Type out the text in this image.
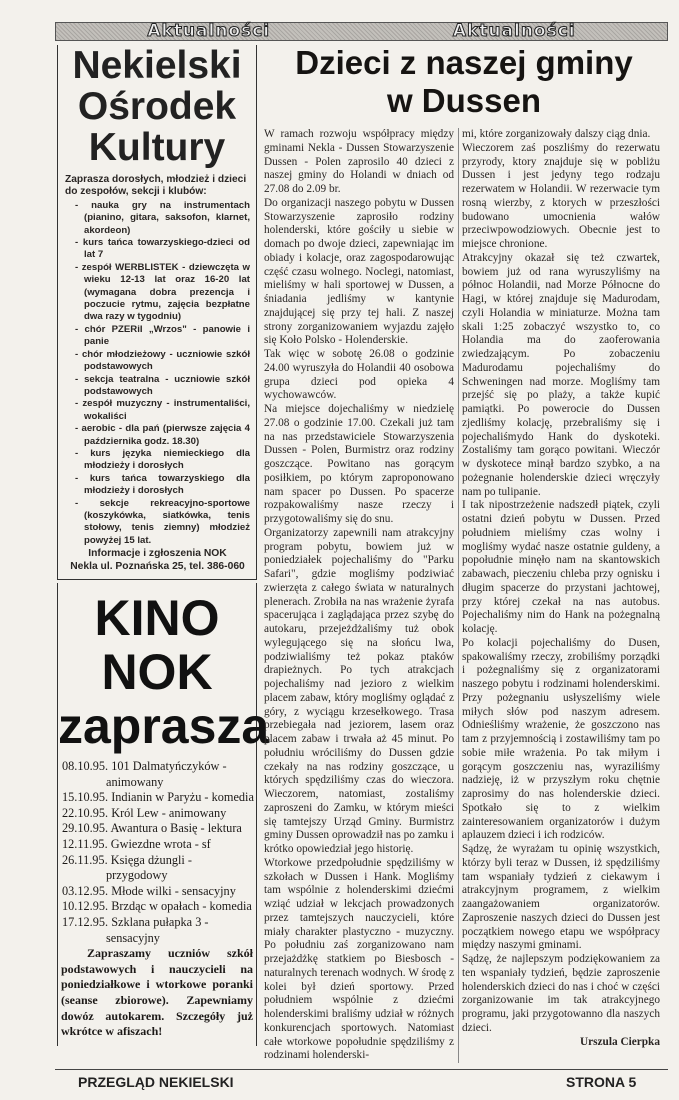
Aktualności	Aktualności
Nekielski
Ośrodek
Kultury
Zaprasza dorosłych, młodzież i dzieci do zespołów, sekcji i klubów:
- nauka gry na instrumentach (pianino, gitara, saksofon, klarnet, akordeon)
- kurs tańca towarzyskiego-dzieci od lat 7
- zespół WERBLISTEK - dziewczęta w wieku 12-13 lat oraz 16-20 lat (wymagana dobra prezencja i poczucie rytmu, zajęcia bezpłatne dwa razy w tygodniu)
- chór PZERiI „Wrzos" - panowie i panie
- chór młodzieżowy - uczniowie szkół podstawowych
- sekcja teatralna - uczniowie szkół podstawowych
- zespół muzyczny - instrumentaliści, wokaliści
- aerobic - dla pań (pierwsze zajęcia 4 października godz. 18.30)
- kurs języka niemieckiego dla młodzieży i dorosłych
- kurs tańca towarzyskiego dla młodzieży i dorosłych
- sekcje rekreacyjno-sportowe (koszykówka, siatkówka, tenis stołowy, tenis ziemny) młodzież powyżej 15 lat.
Informacje i zgłoszenia NOK
Nekla ul. Poznańska 25, tel. 386-060
KINO
NOK
zaprasza
08.10.95. 101 Dalmatyńczyków - animowany
15.10.95. Indianin w Paryżu - komedia
22.10.95. Król Lew - animowany
29.10.95. Awantura o Basię - lektura
12.11.95. Gwiezdne wrota - sf
26.11.95. Księga dżungli - przygodowy
03.12.95. Młode wilki - sensacyjny
10.12.95. Brzdąc w opałach - komedia
17.12.95. Szklana pułapka 3 - sensacyjny
Zapraszamy uczniów szkół podstawowych i nauczycieli na poniedziałkowe i wtorkowe poranki (seanse zbiorowe). Zapewniamy dowóz autokarem. Szczegóły już wkrótce w afiszach!
Dzieci z naszej gminy
w Dussen
W ramach rozwoju współpracy między gminami Nekla - Dussen Stowarzyszenie Dussen - Polen zaprosilo 40 dzieci z naszej gminy do Holandi w dniach od 27.08 do 2.09 br.
Do organizacji naszego pobytu w Dussen Stowarzyszenie zaprosiło rodziny holenderski, które gościły u siebie w domach po dwoje dzieci, zapewniając im obiady i kolacje, oraz zagospodarowując część czasu wolnego. Noclegi, natomiast, mieliśmy w hali sportowej w Dussen, a śniadania jedliśmy w kantynie znajdującej się przy tej hali. Z naszej strony zorganizowaniem wyjazdu zajęło się Koło Polsko - Holenderskie.
Tak więc w sobotę 26.08 o godzinie 24.00 wyruszyła do Holandii 40 osobowa grupa dzieci pod opieka 4 wychowawców.
Na miejsce dojechaliśmy w niedzielę 27.08 o godzinie 17.00. Czekali już tam na nas przedstawiciele Stowarzyszenia Dussen - Polen, Burmistrz oraz rodziny goszczące. Powitano nas gorącym posiłkiem, po którym zaproponowano nam spacer po Dussen. Po spacerze rozpakowaliśmy nasze rzeczy i przygotowaliśmy się do snu.
Organizatorzy zapewnili nam atrakcyjny program pobytu, bowiem już w poniedziałek pojechaliśmy do "Parku Safari", gdzie mogliśmy podziwiać zwierzęta z całego świata w naturalnych plenerach. Zrobiła na nas wrażenie żyrafa spacerująca i zaglądająca przez szybę do autokaru, przejeżdżaliśmy tuż obok wylegującego się na słońcu lwa, podziwialiśmy też pokaz ptaków drapieżnych. Po tych atrakcjach pojechaliśmy nad jezioro z wielkim placem zabaw, który mogliśmy oglądać z góry, z wyciągu krzesełkowego. Trasa przebiegała nad jeziorem, lasem oraz placem zabaw i trwała aż 45 minut. Po południu wróciliśmy do Dussen gdzie czekały na nas rodziny goszczące, u których spędziliśmy czas do wieczora. Wieczorem, natomiast, zostaliśmy zaproszeni do Zamku, w którym mieści się tamtejszy Urząd Gminy. Burmistrz gminy Dussen oprowadził nas po zamku i krótko opowiedział jego historię.
Wtorkowe przedpołudnie spędziliśmy w szkołach w Dussen i Hank. Mogliśmy tam wspólnie z holenderskimi dziećmi wziąć udział w lekcjach prowadzonych przez tamtejszych nauczycieli, które miały charakter plastyczno - muzyczny. Po południu zaś zorganizowano nam przejażdżkę statkiem po Biesbosch - naturalnych terenach wodnych. W środę z kolei był dzień sportowy. Przed południem wspólnie z dziećmi holenderskimi braliśmy udział w różnych konkurencjach sportowych. Natomiast całe wtorkowe popołudnie spędziliśmy z rodzinami holenderski-
mi, które zorganizowały dalszy ciąg dnia.
Wieczorem zaś poszliśmy do rezerwatu przyrody, ktory znajduje się w pobliżu Dussen i jest jedyny tego rodzaju rezerwatem w Holandii. W rezerwacie tym rosną wierzby, z ktorych w przeszłości budowano umocnienia wałów przeciwpowodziowych. Obecnie jest to miejsce chronione.
Atrakcyjny okazał się też czwartek, bowiem już od rana wyruszyliśmy na północ Holandii, nad Morze Północne do Hagi, w której znajduje się Madurodam, czyli Holandia w miniaturze. Można tam skali 1:25 zobaczyć wszystko to, co Holandia ma do zaoferowania zwiedzającym. Po zobaczeniu Madurodamu pojechaliśmy do Schweningen nad morze. Mogliśmy tam przejść się po plaży, a także kupić pamiątki. Po powerocie do Dussen zjedliśmy kolację, przebraliśmy się i pojechaliśmydo Hank do dyskoteki. Zostaliśmy tam gorąco powitani. Wieczór w dyskotece minął bardzo szybko, a na pożegnanie holenderskie dzieci wręczyły nam po tulipanie.
I tak nipostrzeżenie nadszedł piątek, czyli ostatni dzień pobytu w Dussen. Przed południem mieliśmy czas wolny i mogliśmy wydać nasze ostatnie guldeny, a popołudnie minęło nam na skantowskich zabawach, pieczeniu chleba przy ognisku i długim spacerze do przystani jachtowej, przy której czekał na nas autobus. Pojechaliśmy nim do Hank na pożegnalną kolację.
Po kolacji pojechaliśmy do Dusen, spakowaliśmy rzeczy, zrobiliśmy porządki i pożegnaliśmy się z organizatorami naszego pobytu i rodzinami holenderskimi. Przy pożegnaniu usłyszeliśmy wiele miłych słów pod naszym adresem. Odnieśliśmy wrażenie, że goszczono nas tam z przyjemnością i zostawiliśmy tam po sobie miłe wrażenia. Po tak miłym i gorącym goszczeniu nas, wyraziliśmy nadzieję, iż w przyszłym roku chętnie zaprosimy do nas holenderskie dzieci. Spotkało się to z wielkim zainteresowaniem organizatorów i dużym aplauzem dzieci i ich rodziców.
Sądzę, że wyrażam tu opinię wszystkich, którzy byli teraz w Dussen, iż spędziliśmy tam wspaniały tydzień z ciekawym i atrakcyjnym programem, z wielkim zaangażowaniem organizatorów. Zaproszenie naszych dzieci do Dussen jest początkiem nowego etapu we współpracy między naszymi gminami.
Sądzę, że najlepszym podziękowaniem za ten wspaniały tydzień, będzie zaproszenie holenderskich dzieci do nas i choć w części zorganizowanie im tak atrakcyjnego programu, jaki przygotowanno dla naszych dzieci.
Urszula Cierpka
PRZEGLĄD NEKIELSKI	STRONA 5
